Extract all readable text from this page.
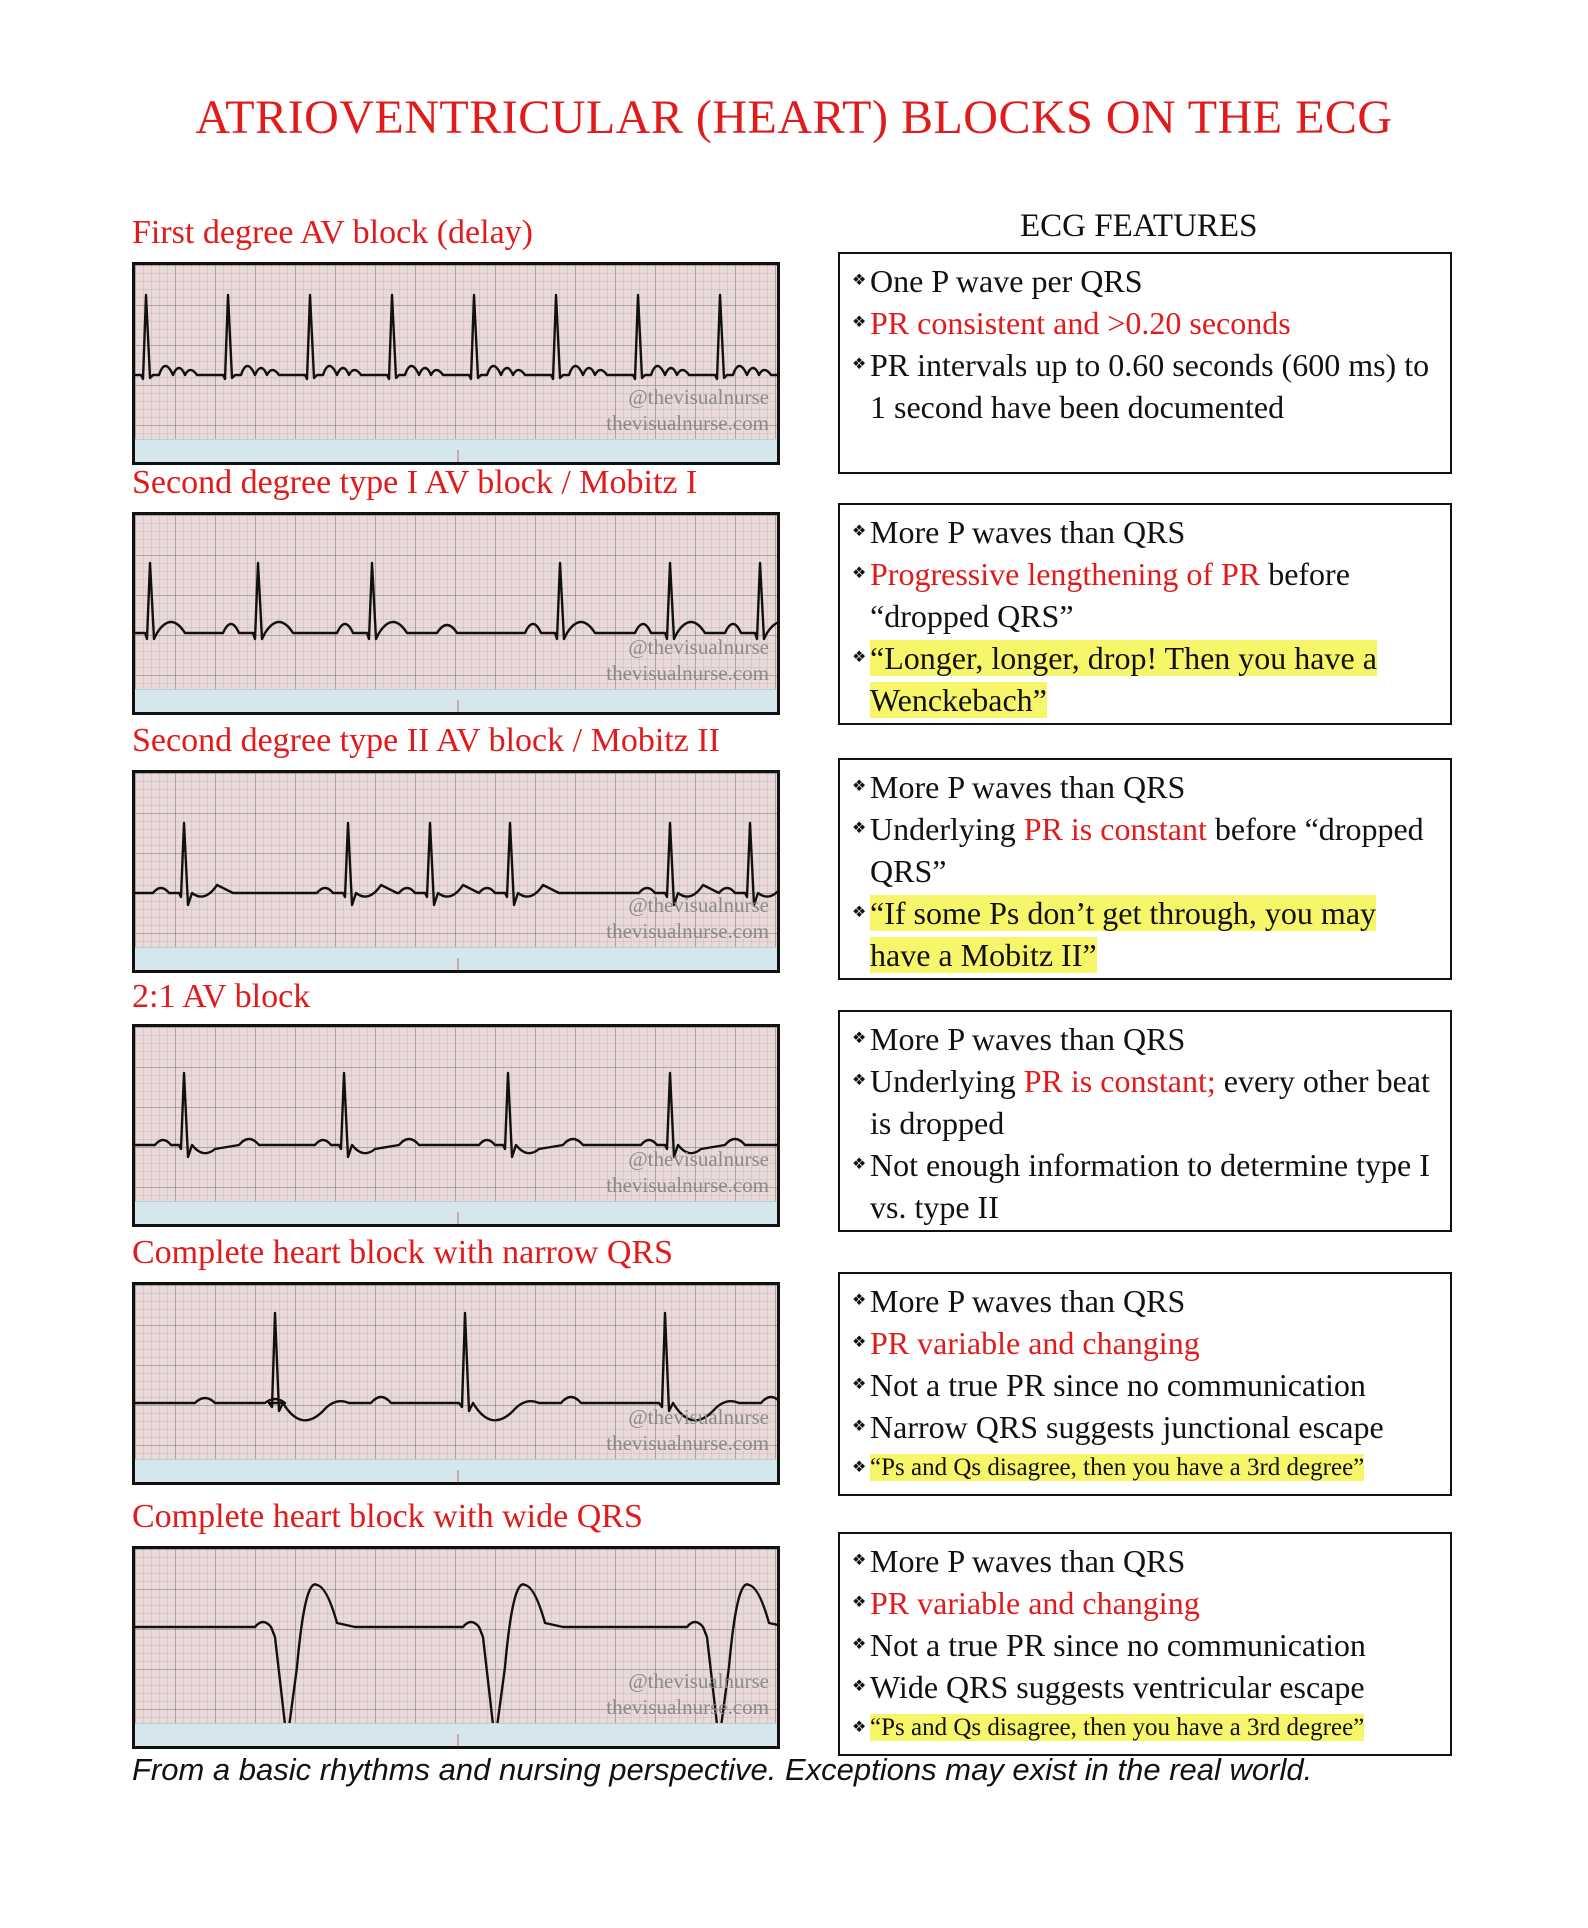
ATRIOVENTRICULAR (HEART) BLOCKS ON THE ECG
ECG FEATURES
First degree AV block (delay)
@thevisualnurse
thevisualnurse.com
❖ One P wave per QRS
❖ PR consistent and >0.20 seconds
❖ PR intervals up to 0.60 seconds (600 ms) to 1 second have been documented
Second degree type I AV block / Mobitz I
@thevisualnurse
thevisualnurse.com
❖ More P waves than QRS
❖ Progressive lengthening of PR before “dropped QRS”
❖ “Longer, longer, drop! Then you have a Wenckebach”
Second degree type II AV block / Mobitz II
@thevisualnurse
thevisualnurse.com
❖ More P waves than QRS
❖ Underlying PR is constant before “dropped QRS”
❖ “If some Ps don’t get through, you may have a Mobitz II”
2:1 AV block
@thevisualnurse
thevisualnurse.com
❖ More P waves than QRS
❖ Underlying PR is constant; every other beat is dropped
❖ Not enough information to determine type I vs. type II
Complete heart block with narrow QRS
@thevisualnurse
thevisualnurse.com
❖ More P waves than QRS
❖ PR variable and changing
❖ Not a true PR since no communication
❖ Narrow QRS suggests junctional escape
❖ “Ps and Qs disagree, then you have a 3rd degree”
Complete heart block with wide QRS
@thevisualnurse
thevisualnurse.com
❖ More P waves than QRS
❖ PR variable and changing
❖ Not a true PR since no communication
❖ Wide QRS suggests ventricular escape
❖ “Ps and Qs disagree, then you have a 3rd degree”
From a basic rhythms and nursing perspective. Exceptions may exist in the real world.
